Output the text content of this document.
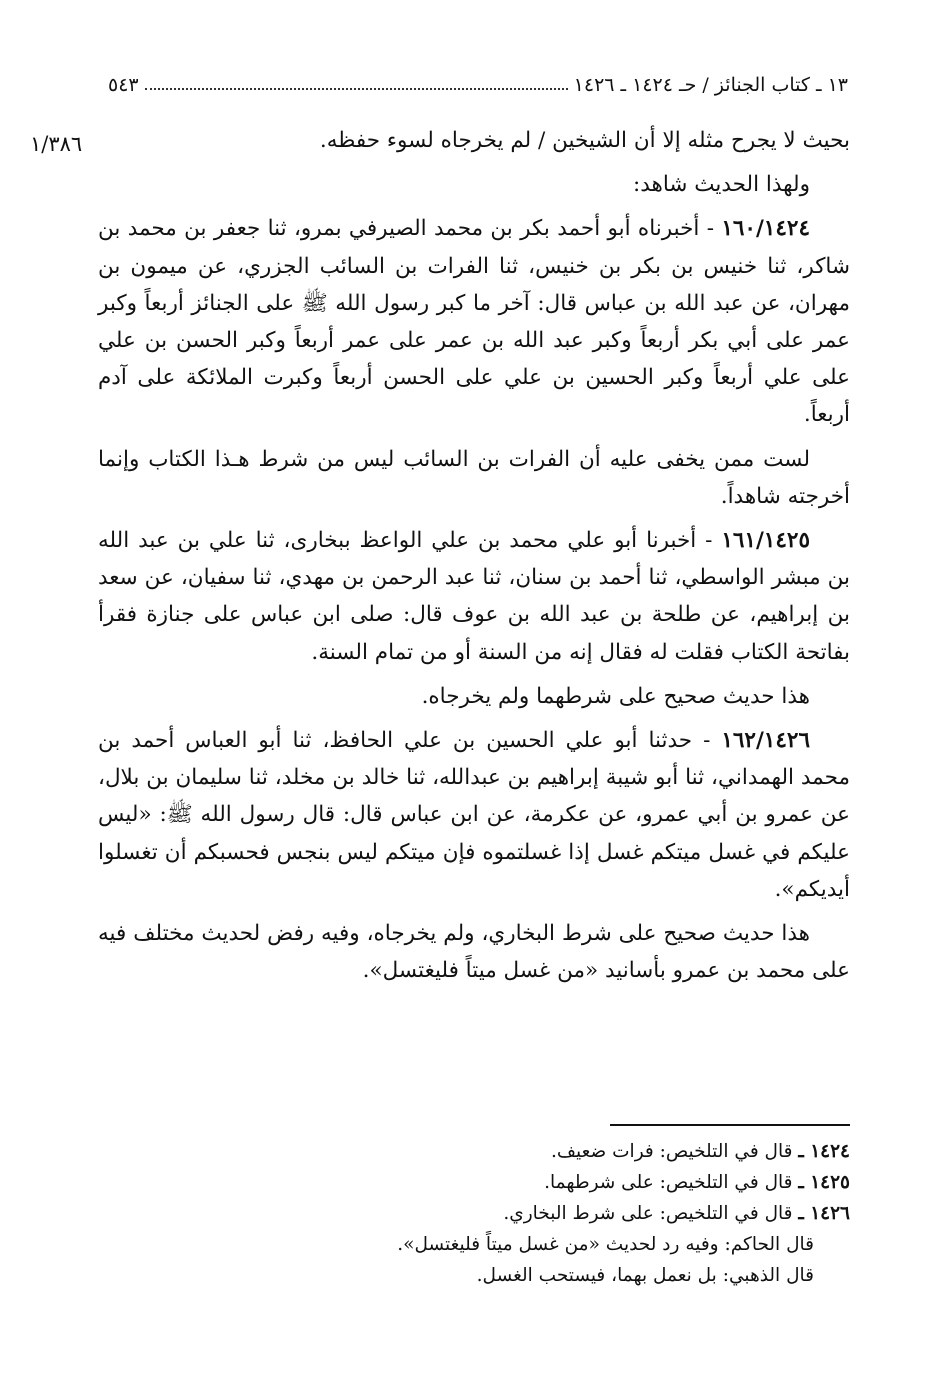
١٣ ـ كتاب الجنائز / حـ ١٤٢٤ ـ ١٤٢٦
٥٤٣
١/٣٨٦	بحيث لا يجرح مثله إلا أن الشيخين / لم يخرجاه لسوء حفظه.

ولهذا الحديث شاهد:

١٦٠/١٤٢٤ - أخبرناه أبو أحمد بكر بن محمد الصيرفي بمرو، ثنا جعفر بن محمد بن شاكر، ثنا خنيس بن بكر بن خنيس، ثنا الفرات بن السائب الجزري، عن ميمون بن مهران، عن عبد الله بن عباس قال: آخر ما كبر رسول الله ﷺ على الجنائز أربعاً وكبر عمر على أبي بكر أربعاً وكبر عبد الله بن عمر على عمر أربعاً وكبر الحسن بن علي على علي أربعاً وكبر الحسين بن علي على الحسن أربعاً وكبرت الملائكة على آدم أربعاً.

لست ممن يخفى عليه أن الفرات بن السائب ليس من شرط هـذا الكتاب وإنما أخرجته شاهداً.

١٦١/١٤٢٥ - أخبرنا أبو علي محمد بن علي الواعظ ببخارى، ثنا علي بن عبد الله بن مبشر الواسطي، ثنا أحمد بن سنان، ثنا عبد الرحمن بن مهدي، ثنا سفيان، عن سعد بن إبراهيم، عن طلحة بن عبد الله بن عوف قال: صلى ابن عباس على جنازة فقرأ بفاتحة الكتاب فقلت له فقال إنه من السنة أو من تمام السنة.

هذا حديث صحيح على شرطهما ولم يخرجاه.

١٦٢/١٤٢٦ - حدثنا أبو علي الحسين بن علي الحافظ، ثنا أبو العباس أحمد بن محمد الهمداني، ثنا أبو شيبة إبراهيم بن عبدالله، ثنا خالد بن مخلد، ثنا سليمان بن بلال، عن عمرو بن أبي عمرو، عن عكرمة، عن ابن عباس قال: قال رسول الله ﷺ: «ليس عليكم في غسل ميتكم غسل إذا غسلتموه فإن ميتكم ليس بنجس فحسبكم أن تغسلوا أيديكم».

هذا حديث صحيح على شرط البخاري، ولم يخرجاه، وفيه رفض لحديث مختلف فيه على محمد بن عمرو بأسانيد «من غسل ميتاً فليغتسل».

١٤٢٤ ـ قال في التلخيص: فرات ضعيف.

١٤٢٥ ـ قال في التلخيص: على شرطهما.

١٤٢٦ ـ قال في التلخيص: على شرط البخاري.

قال الحاكم: وفيه رد لحديث «من غسل ميتاً فليغتسل».

قال الذهبي: بل نعمل بهما، فيستحب الغسل.
